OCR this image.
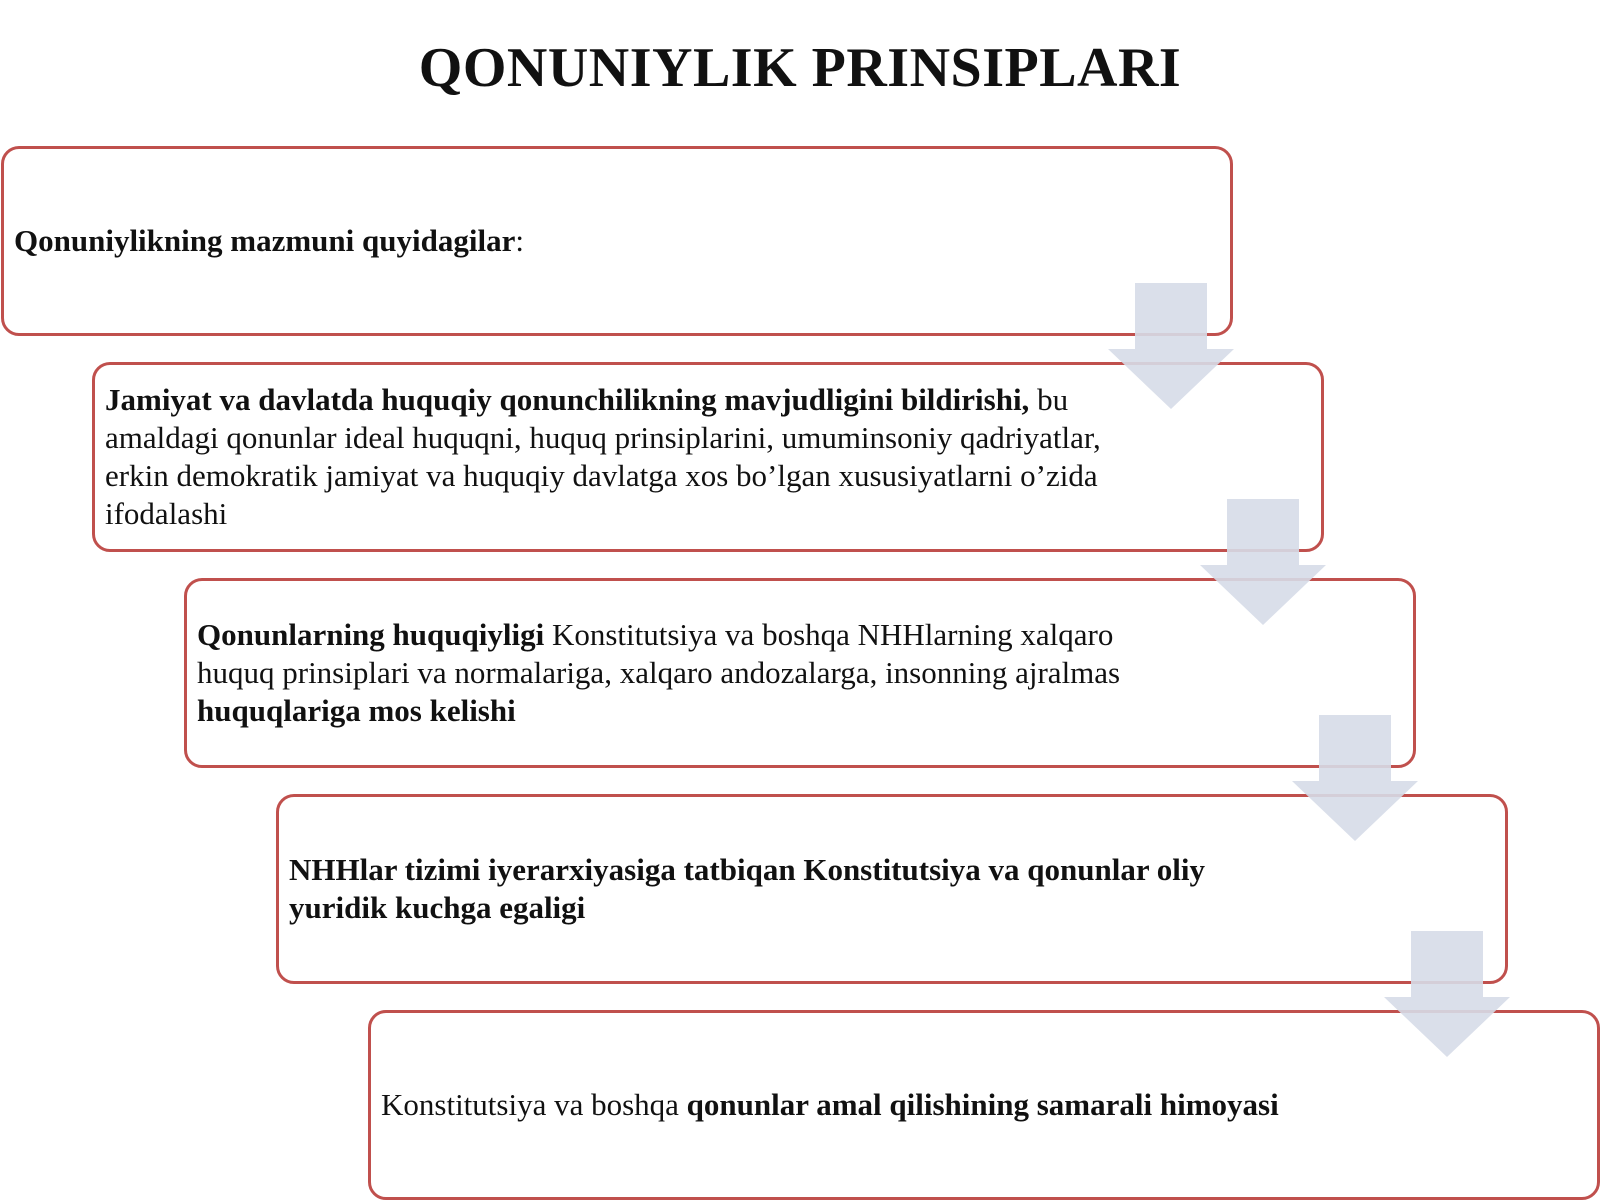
QONUNIYLIK PRINSIPLARI
Qonuniylikning mazmuni quyidagilar:
Jamiyat va davlatda huquqiy qonunchilikning mavjudligini bildirishi, bu amaldagi qonunlar ideal huquqni, huquq prinsiplarini, umuminsoniy qadriyatlar, erkin demokratik jamiyat va huquqiy davlatga xos bo’lgan xususiyatlarni o’zida ifodalashi
Qonunlarning huquqiyligi Konstitutsiya va boshqa NHHlarning xalqaro huquq prinsiplari va normalariga, xalqaro andozalarga, insonning ajralmas huquqlariga mos kelishi
NHHlar tizimi iyerarxiyasiga tatbiqan Konstitutsiya va qonunlar oliy yuridik kuchga egaligi
Konstitutsiya va boshqa qonunlar amal qilishining samarali himoyasi
